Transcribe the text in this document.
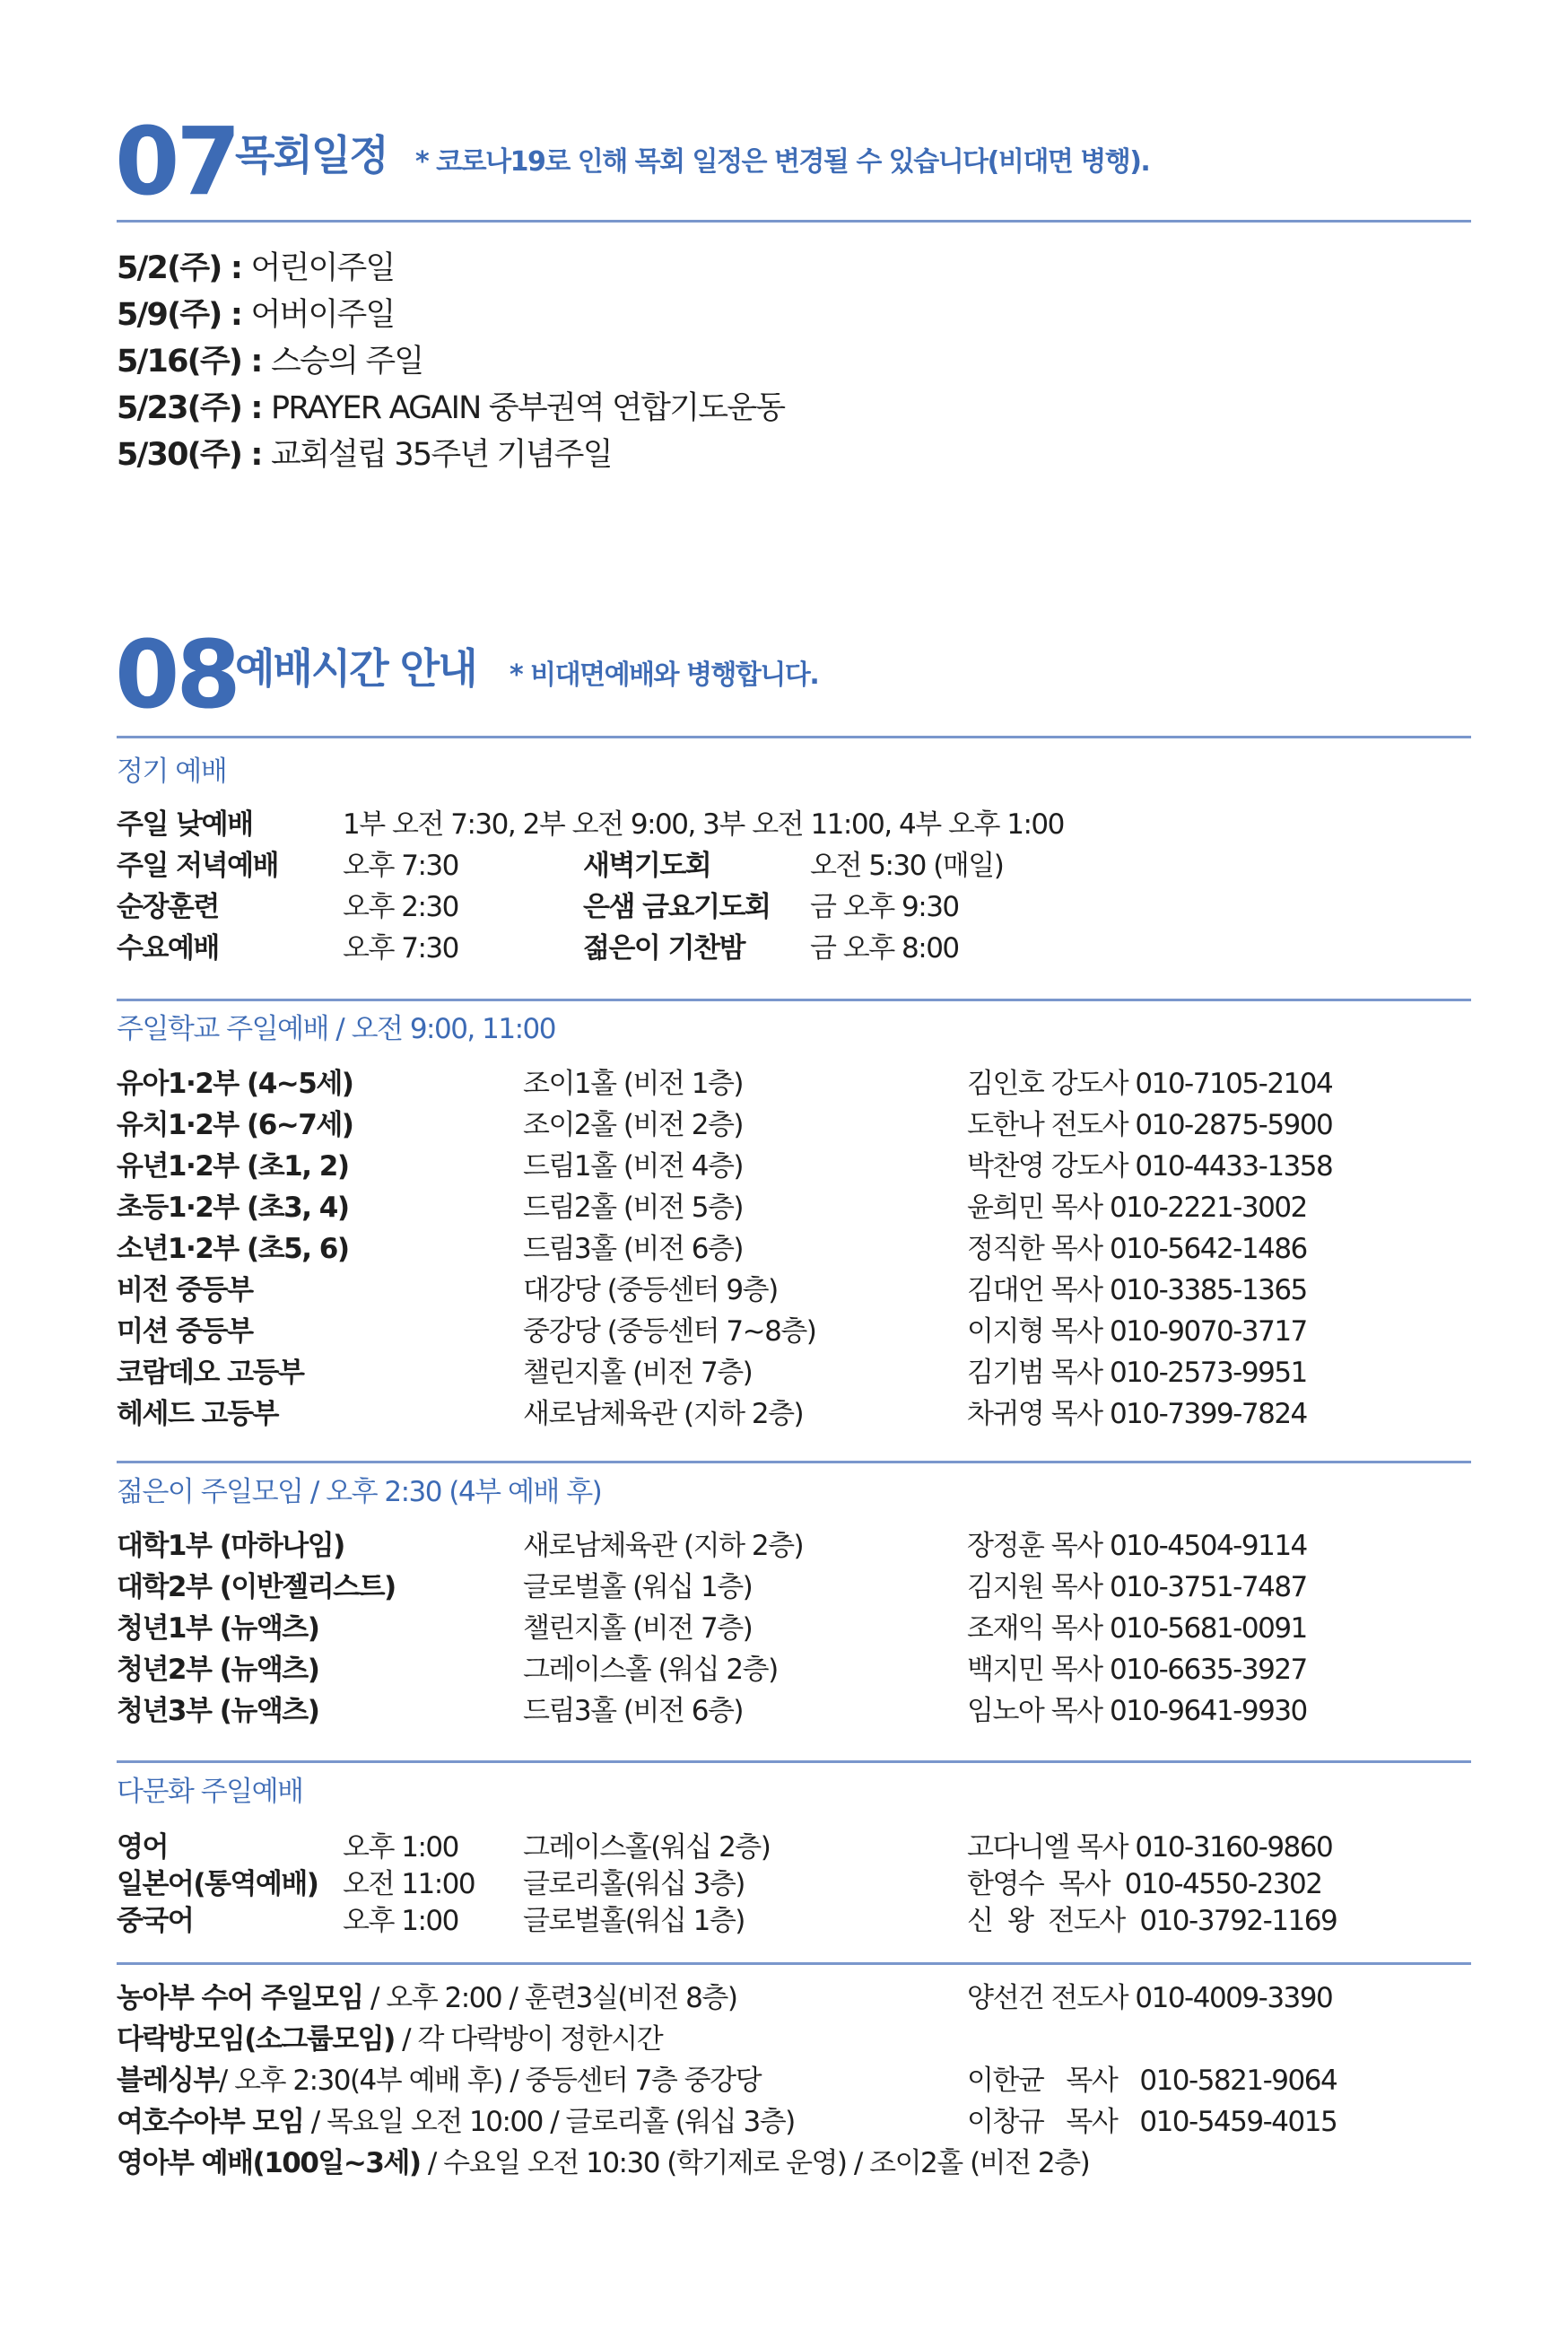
07
목회일정 * 코로나19로 인해 목회 일정은 변경될 수 있습니다(비대면 병행).
5/2(주) : 어린이주일
5/9(주) : 어버이주일
5/16(주) : 스승의 주일
5/23(주) : PRAYER AGAIN 중부권역 연합기도운동
5/30(주) : 교회설립 35주년 기념주일
08
예배시간 안내 * 비대면예배와 병행합니다.
정기 예배
주일 낮예배	1부 오전 7:30, 2부 오전 9:00, 3부 오전 11:00, 4부 오후 1:00
주일 저녁예배 오후 7:30	새벽기도회	오전 5:30 (매일)
순장훈련	오후 2:30	은샘 금요기도회 금 오후 9:30
수요예배	오후 7:30	젊은이 기찬밤 금 오후 8:00
주일학교 주일예배 / 오전 9:00, 11:00
유아1·2부 (4~5세)	조이1홀 (비전 1층)	김인호 강도사 010-7105-2104
유치1·2부 (6~7세)	조이2홀 (비전 2층)	도한나 전도사 010-2875-5900
유년1·2부 (초1, 2)	드림1홀 (비전 4층)	박찬영 강도사 010-4433-1358
초등1·2부 (초3, 4)	드림2홀 (비전 5층)	윤희민 목사 010-2221-3002
소년1·2부 (초5, 6)	드림3홀 (비전 6층)	정직한 목사 010-5642-1486
비전 중등부	대강당 (중등센터 9층)	김대언 목사 010-3385-1365
미션 중등부	중강당 (중등센터 7~8층)	이지형 목사 010-9070-3717
코람데오 고등부	챌린지홀 (비전 7층)	김기범 목사 010-2573-9951
헤세드 고등부	새로남체육관 (지하 2층)	차귀영 목사 010-7399-7824
젊은이 주일모임 / 오후 2:30 (4부 예배 후)
대학1부 (마하나임)	새로남체육관 (지하 2층)	장정훈 목사 010-4504-9114
대학2부 (이반젤리스트)	글로벌홀 (워십 1층)	김지원 목사 010-3751-7487
청년1부 (뉴액츠)	챌린지홀 (비전 7층)	조재익 목사 010-5681-0091
청년2부 (뉴액츠)	그레이스홀 (워십 2층)	백지민 목사 010-6635-3927
청년3부 (뉴액츠)	드림3홀 (비전 6층)	임노아 목사 010-9641-9930
다문화 주일예배
영어	오후 1:00 그레이스홀(워십 2층)	고다니엘 목사 010-3160-9860
일본어(통역예배) 오전 11:00 글로리홀(워십 3층)	한영수  목사  010-4550-2302
중국어	오후 1:00 글로벌홀(워십 1층)	신  왕  전도사  010-3792-1169
농아부 수어 주일모임 / 오후 2:00 / 훈련3실(비전 8층)	양선건 전도사 010-4009-3390
다락방모임(소그룹모임) / 각 다락방이 정한시간
블레싱부/ 오후 2:30(4부 예배 후) / 중등센터 7층 중강당	이한균   목사   010-5821-9064
여호수아부 모임 / 목요일 오전 10:00 / 글로리홀 (워십 3층)	이창규   목사   010-5459-4015
영아부 예배(100일~3세) / 수요일 오전 10:30 (학기제로 운영) / 조이2홀 (비전 2층)
